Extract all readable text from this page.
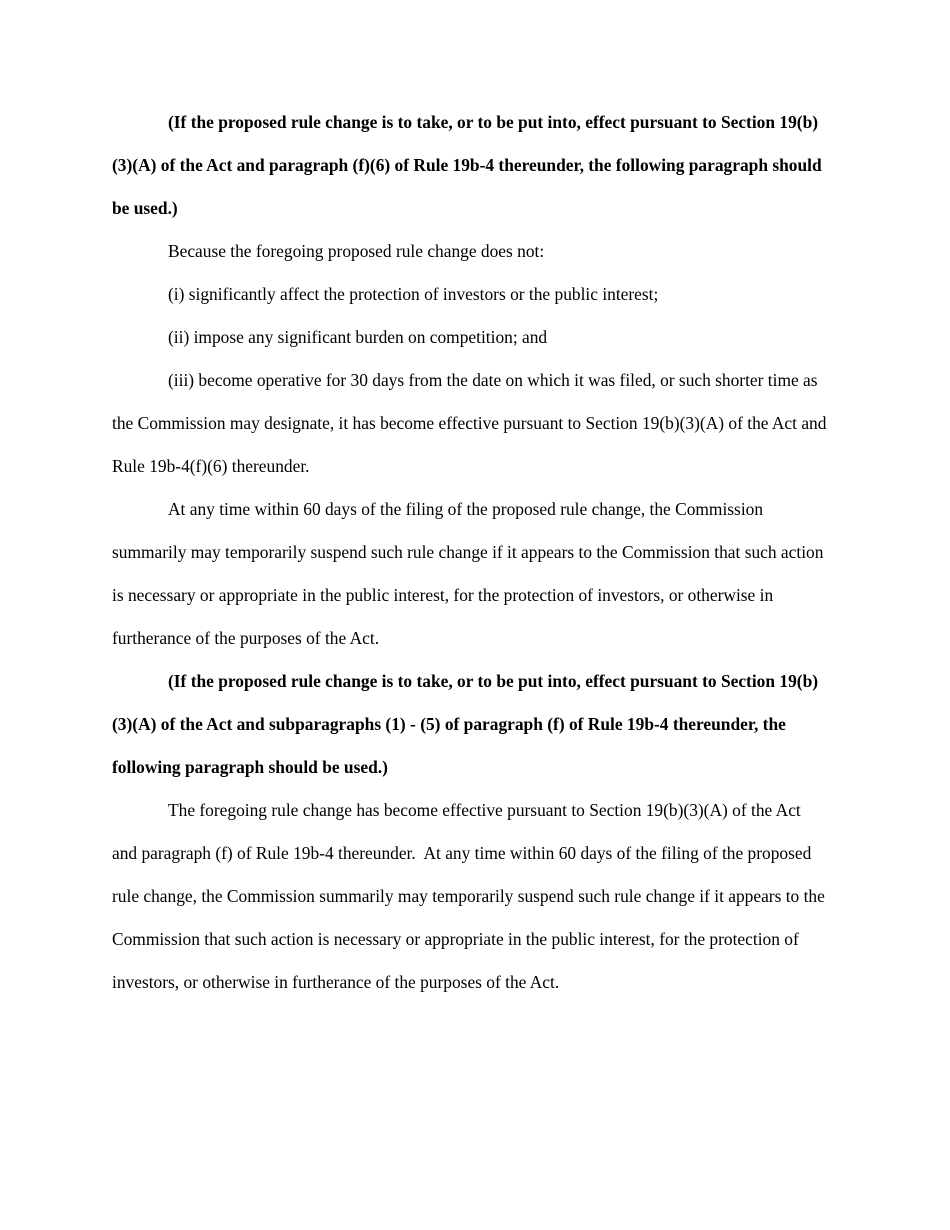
(If the proposed rule change is to take, or to be put into, effect pursuant to Section 19(b)(3)(A) of the Act and paragraph (f)(6) of Rule 19b-4 thereunder, the following paragraph should be used.)

Because the foregoing proposed rule change does not:

(i) significantly affect the protection of investors or the public interest;

(ii) impose any significant burden on competition; and

(iii) become operative for 30 days from the date on which it was filed, or such shorter time as the Commission may designate, it has become effective pursuant to Section 19(b)(3)(A) of the Act and Rule 19b-4(f)(6) thereunder.

At any time within 60 days of the filing of the proposed rule change, the Commission summarily may temporarily suspend such rule change if it appears to the Commission that such action is necessary or appropriate in the public interest, for the protection of investors, or otherwise in furtherance of the purposes of the Act.

(If the proposed rule change is to take, or to be put into, effect pursuant to Section 19(b)(3)(A) of the Act and subparagraphs (1) - (5) of paragraph (f) of Rule 19b-4 thereunder, the following paragraph should be used.)

The foregoing rule change has become effective pursuant to Section 19(b)(3)(A) of the Act and paragraph (f) of Rule 19b-4 thereunder.  At any time within 60 days of the filing of the proposed rule change, the Commission summarily may temporarily suspend such rule change if it appears to the Commission that such action is necessary or appropriate in the public interest, for the protection of investors, or otherwise in furtherance of the purposes of the Act.
